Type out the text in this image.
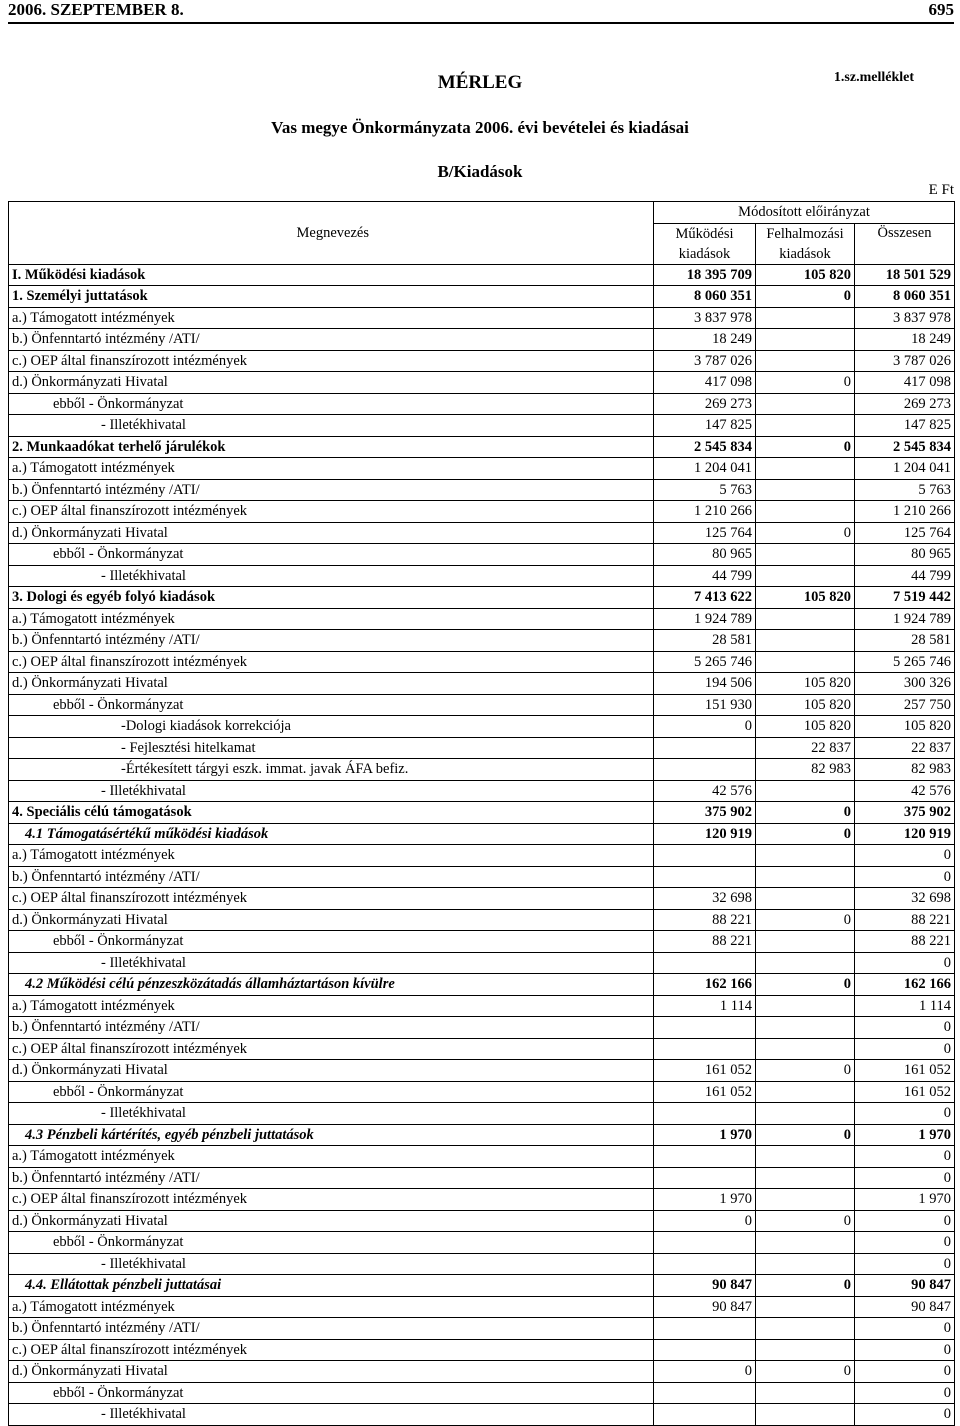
2006. SZEPTEMBER 8.	695
MÉRLEG	1.sz.melléklet
Vas megye Önkormányzata 2006. évi bevételei és kiadásai
B/Kiadások
E Ft
Megnevezés	Módosított előirányzat		
	Működési kiadások	Felhalmozási kiadások	Összesen

I. Működési kiadások	18 395 709	105 820	18 501 529
1. Személyi juttatások	8 060 351	0	8 060 351
a.) Támogatott intézmények	3 837 978		3 837 978
b.) Önfenntartó intézmény /ATI/	18 249		18 249
c.) OEP által finanszírozott intézmények	3 787 026		3 787 026
d.) Önkormányzati Hivatal	417 098	0	417 098
ebből - Önkormányzat	269 273		269 273
- Illetékhivatal	147 825		147 825
2. Munkaadókat terhelő járulékok	2 545 834	0	2 545 834
a.) Támogatott intézmények	1 204 041		1 204 041
b.) Önfenntartó intézmény /ATI/	5 763		5 763
c.) OEP által finanszírozott intézmények	1 210 266		1 210 266
d.) Önkormányzati Hivatal	125 764	0	125 764
ebből - Önkormányzat	80 965		80 965
- Illetékhivatal	44 799		44 799
3. Dologi és egyéb folyó kiadások	7 413 622	105 820	7 519 442
a.) Támogatott intézmények	1 924 789		1 924 789
b.) Önfenntartó intézmény /ATI/	28 581		28 581
c.) OEP által finanszírozott intézmények	5 265 746		5 265 746
d.) Önkormányzati Hivatal	194 506	105 820	300 326
ebből - Önkormányzat	151 930	105 820	257 750
-Dologi kiadások korrekciója	0	105 820	105 820
- Fejlesztési hitelkamat		22 837	22 837
-Értékesített tárgyi eszk. immat. javak ÁFA befiz.		82 983	82 983
- Illetékhivatal	42 576		42 576
4. Speciális célú támogatások	375 902	0	375 902
4.1 Támogatásértékű működési kiadások	120 919	0	120 919
a.) Támogatott intézmények			0
b.) Önfenntartó intézmény /ATI/			0
c.) OEP által finanszírozott intézmények	32 698		32 698
d.) Önkormányzati Hivatal	88 221	0	88 221
ebből - Önkormányzat	88 221		88 221
- Illetékhivatal			0
4.2 Működési célú pénzeszközátadás államháztartáson kívülre	162 166	0	162 166
a.) Támogatott intézmények	1 114		1 114
b.) Önfenntartó intézmény /ATI/			0
c.) OEP által finanszírozott intézmények			0
d.) Önkormányzati Hivatal	161 052	0	161 052
ebből - Önkormányzat	161 052		161 052
- Illetékhivatal			0
4.3 Pénzbeli kártérítés, egyéb pénzbeli juttatások	1 970	0	1 970
a.) Támogatott intézmények			0
b.) Önfenntartó intézmény /ATI/			0
c.) OEP által finanszírozott intézmények	1 970		1 970
d.) Önkormányzati Hivatal	0	0	0
ebből - Önkormányzat			0
- Illetékhivatal			0
4.4. Ellátottak pénzbeli juttatásai	90 847	0	90 847
a.) Támogatott intézmények	90 847		90 847
b.) Önfenntartó intézmény /ATI/			0
c.) OEP által finanszírozott intézmények			0
d.) Önkormányzati Hivatal	0	0	0
ebből - Önkormányzat			0
- Illetékhivatal			0
